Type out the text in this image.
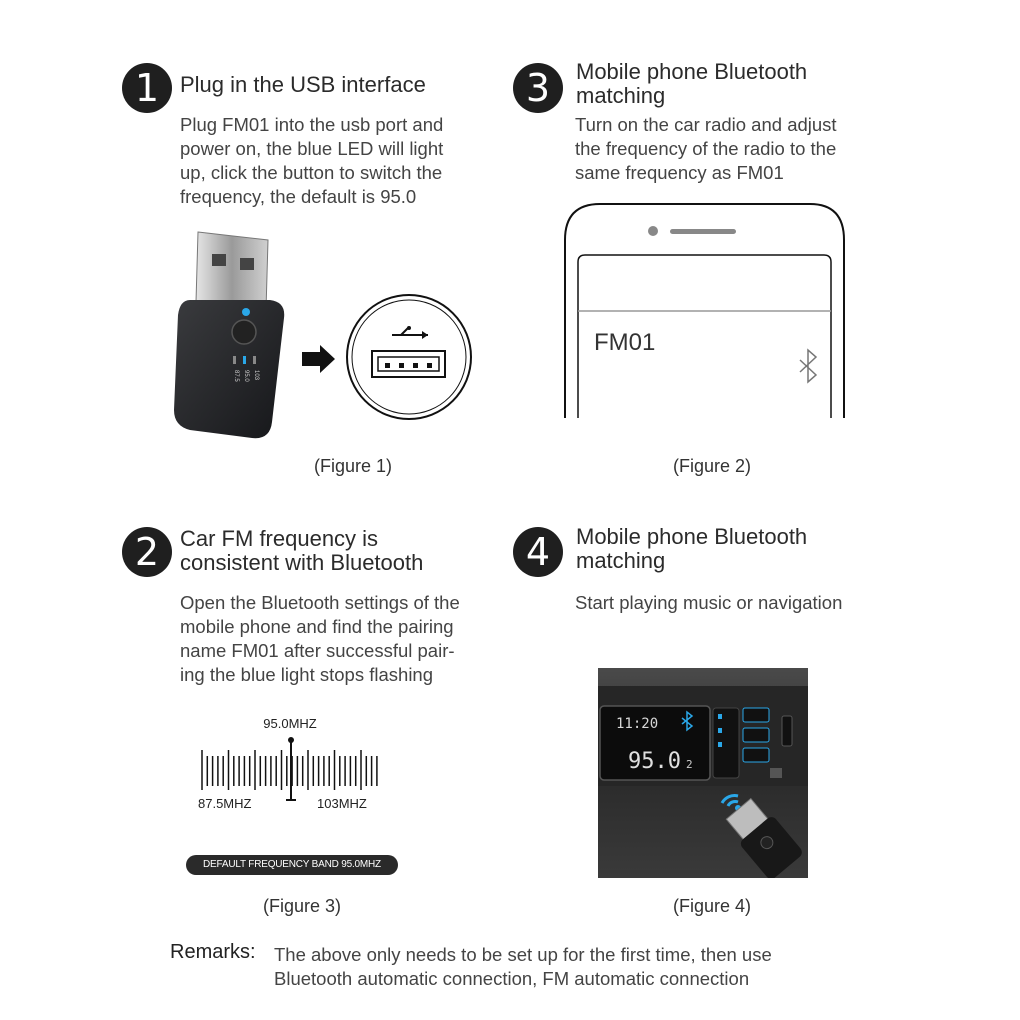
1 Plug in the USB interface
Plug FM01 into the usb port and
power on, the blue LED will light
up, click the button to switch the
frequency, the default is 95.0
87.5 95.0 103
(Figure 1)
3	Mobile phone Bluetooth
matching
Turn on the car radio and adjust
the frequency of the radio to the
same frequency as FM01
FM01
(Figure 2)
2 Car FM frequency is
consistent with Bluetooth
Open the Bluetooth settings of the
mobile phone and find the pairing
name FM01 after successful pair-
ing the blue light stops flashing
95.0MHZ
87.5MHZ	103MHZ
DEFAULT FREQUENCY BAND 95.0MHZ
(Figure 3)
4	Mobile phone Bluetooth
matching
Start playing music or navigation
11:20
95.0 2
(Figure 4)
Remarks: The above only needs to be set up for the first time, then use
Bluetooth automatic connection, FM automatic connection
